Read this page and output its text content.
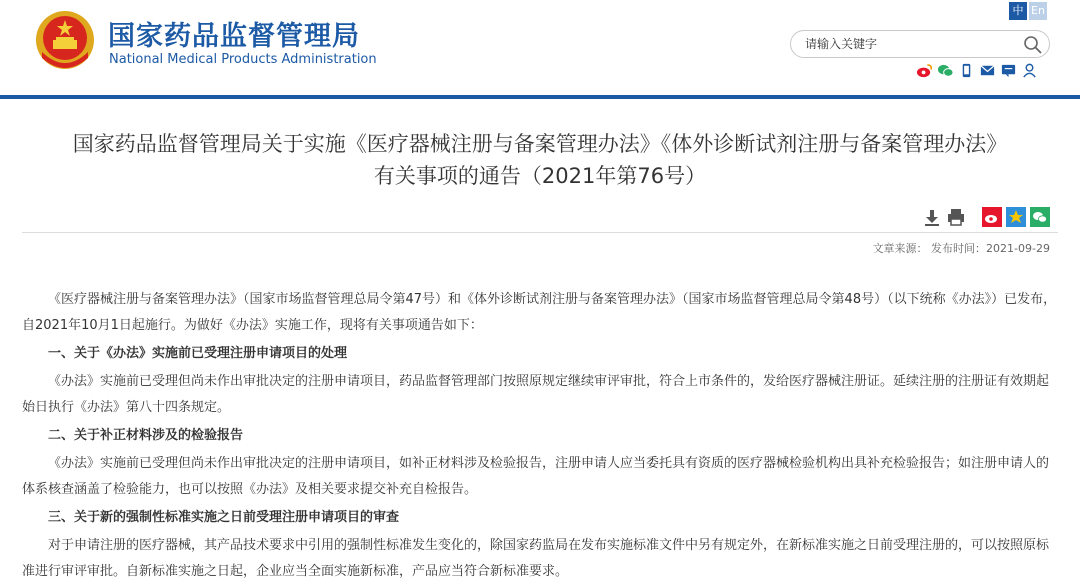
国家药品监督管理局
National Medical Products Administration
中 En
请输入关键字
国家药品监督管理局关于实施《医疗器械注册与备案管理办法》《体外诊断试剂注册与备案管理办法》
有关事项的通告（2021年第76号）
文章来源： 发布时间：2021-09-29

《医疗器械注册与备案管理办法》（国家市场监督管理总局令第47号）和《体外诊断试剂注册与备案管理办法》（国家市场监督管理总局令第48号）（以下统称《办法》）已发布，自2021年10月1日起施行。为做好《办法》实施工作，现将有关事项通告如下：

一、关于《办法》实施前已受理注册申请项目的处理

《办法》实施前已受理但尚未作出审批决定的注册申请项目，药品监督管理部门按照原规定继续审评审批，符合上市条件的，发给医疗器械注册证。延续注册的注册证有效期起始日执行《办法》第八十四条规定。

二、关于补正材料涉及的检验报告

《办法》实施前已受理但尚未作出审批决定的注册申请项目，如补正材料涉及检验报告，注册申请人应当委托具有资质的医疗器械检验机构出具补充检验报告；如注册申请人的体系核查涵盖了检验能力，也可以按照《办法》及相关要求提交补充自检报告。

三、关于新的强制性标准实施之日前受理注册申请项目的审查

对于申请注册的医疗器械，其产品技术要求中引用的强制性标准发生变化的，除国家药监局在发布实施标准文件中另有规定外，在新标准实施之日前受理注册的，可以按照原标准进行审评审批。自新标准实施之日起，企业应当全面实施新标准，产品应当符合新标准要求。
